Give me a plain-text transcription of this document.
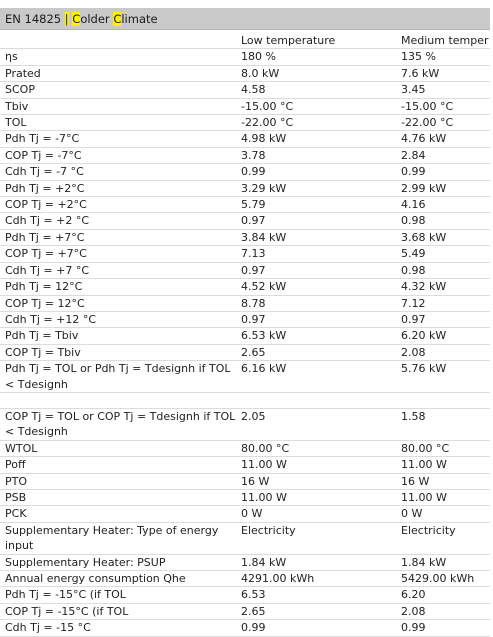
EN 14825 | Colder Climate
	Low temperature	Medium temper
ηs	180 %	135 %
Prated	8.0 kW	7.6 kW
SCOP	4.58	3.45
Tbiv	-15.00 °C	-15.00 °C
TOL	-22.00 °C	-22.00 °C
Pdh Tj = -7°C	4.98 kW	4.76 kW
COP Tj = -7°C	3.78	2.84
Cdh Tj = -7 °C	0.99	0.99
Pdh Tj = +2°C	3.29 kW	2.99 kW
COP Tj = +2°C	5.79	4.16
Cdh Tj = +2 °C	0.97	0.98
Pdh Tj = +7°C	3.84 kW	3.68 kW
COP Tj = +7°C	7.13	5.49
Cdh Tj = +7 °C	0.97	0.98
Pdh Tj = 12°C	4.52 kW	4.32 kW
COP Tj = 12°C	8.78	7.12
Cdh Tj = +12 °C	0.97	0.97
Pdh Tj = Tbiv	6.53 kW	6.20 kW
COP Tj = Tbiv	2.65	2.08
Pdh Tj = TOL or Pdh Tj = Tdesignh if TOL < Tdesignh	6.16 kW	5.76 kW

COP Tj = TOL or COP Tj = Tdesignh if TOL < Tdesignh	2.05	1.58
WTOL	80.00 °C	80.00 °C
Poff	11.00 W	11.00 W
PTO	16 W	16 W
PSB	11.00 W	11.00 W
PCK	0 W	0 W
Supplementary Heater: Type of energy input	Electricity	Electricity
Supplementary Heater: PSUP	1.84 kW	1.84 kW
Annual energy consumption Qhe	4291.00 kWh	5429.00 kWh
Pdh Tj = -15°C (if TOL	6.53	6.20
COP Tj = -15°C (if TOL	2.65	2.08
Cdh Tj = -15 °C	0.99	0.99
